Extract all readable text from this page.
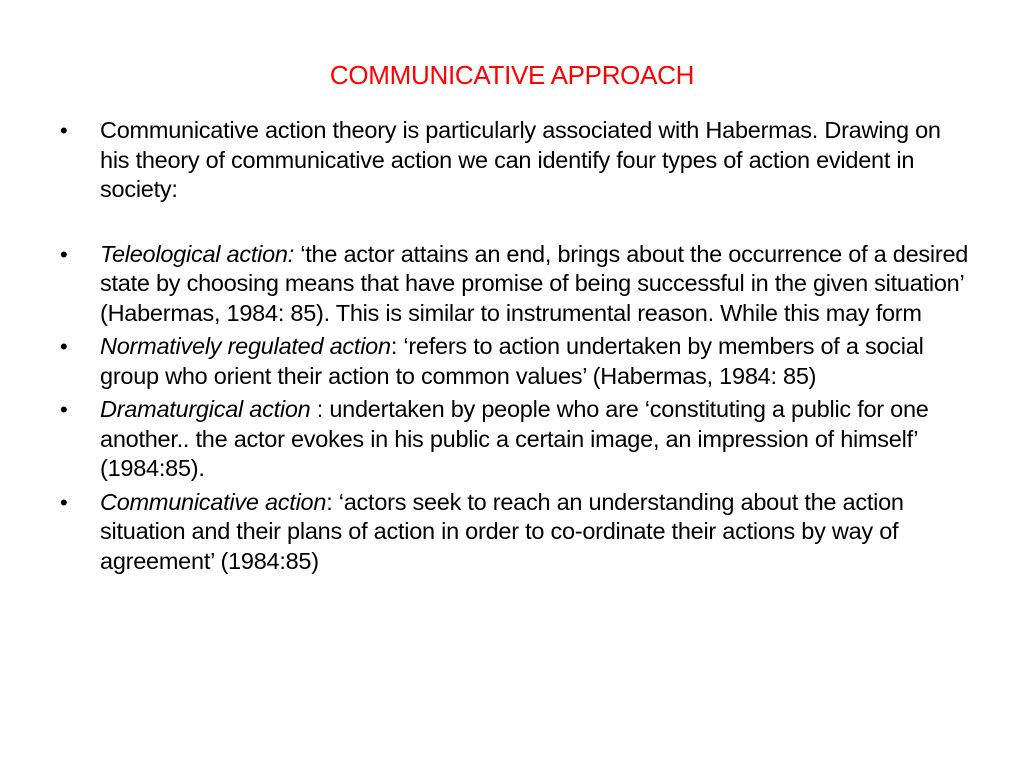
COMMUNICATIVE APPROACH
• Communicative action theory is particularly associated with Habermas. Drawing on his theory of communicative action we can identify four types of action evident in society:
• Teleological action: ‘the actor attains an end, brings about the occurrence of a desired state by choosing means that have promise of being successful in the given situation’ (Habermas, 1984: 85). This is similar to instrumental reason. While this may form
• Normatively regulated action: ‘refers to action undertaken by members of a social group who orient their action to common values’ (Habermas, 1984: 85)
• Dramaturgical action : undertaken by people who are ‘constituting a public for one another.. the actor evokes in his public a certain image, an impression of himself’ (1984:85).
• Communicative action: ‘actors seek to reach an understanding about the action situation and their plans of action in order to co-ordinate their actions by way of agreement’ (1984:85)
